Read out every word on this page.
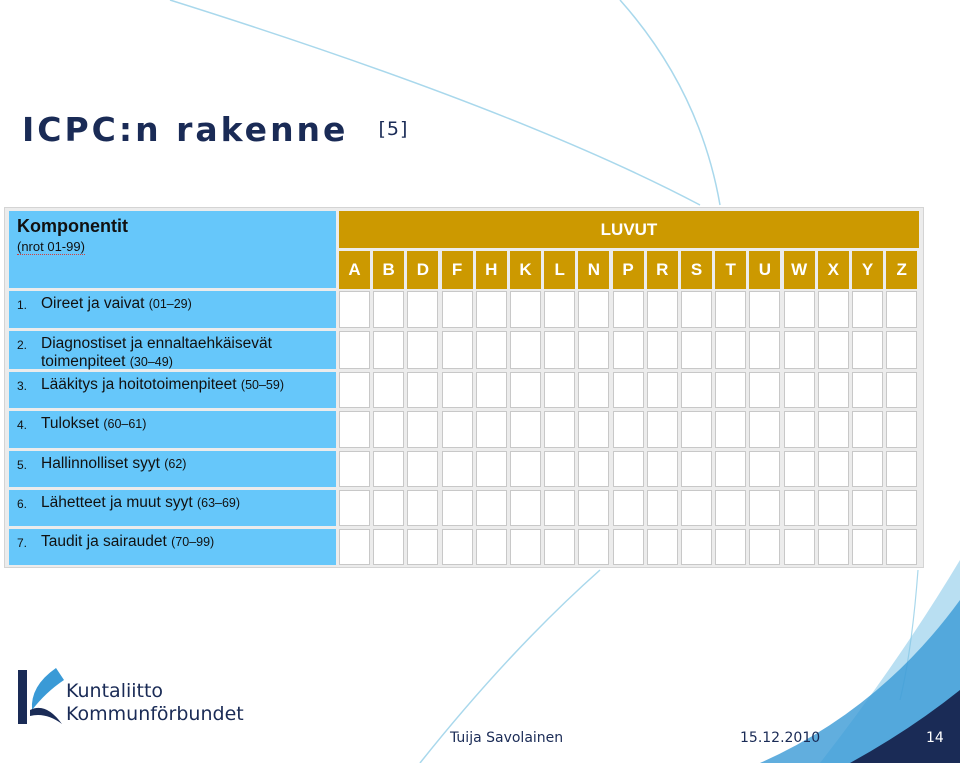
ICPC:n rakenne [5]
Komponentit
(nrot 01-99)
LUVUT
A	B	D	F	H	K	L	N	P	R	S	T	U	W	X	Y	Z
1. Oireet ja vaivat (01–29)
2. Diagnostiset ja ennaltaehkäisevät
toimenpiteet (30–49)
3. Lääkitys ja hoitotoimenpiteet (50–59)
4. Tulokset (60–61)
5. Hallinnolliset syyt (62)
6. Lähetteet ja muut syyt (63–69)
7. Taudit ja sairaudet (70–99)

Kuntaliitto

Kommunförbundet

Tuija Savolainen	15.12.2010	14
